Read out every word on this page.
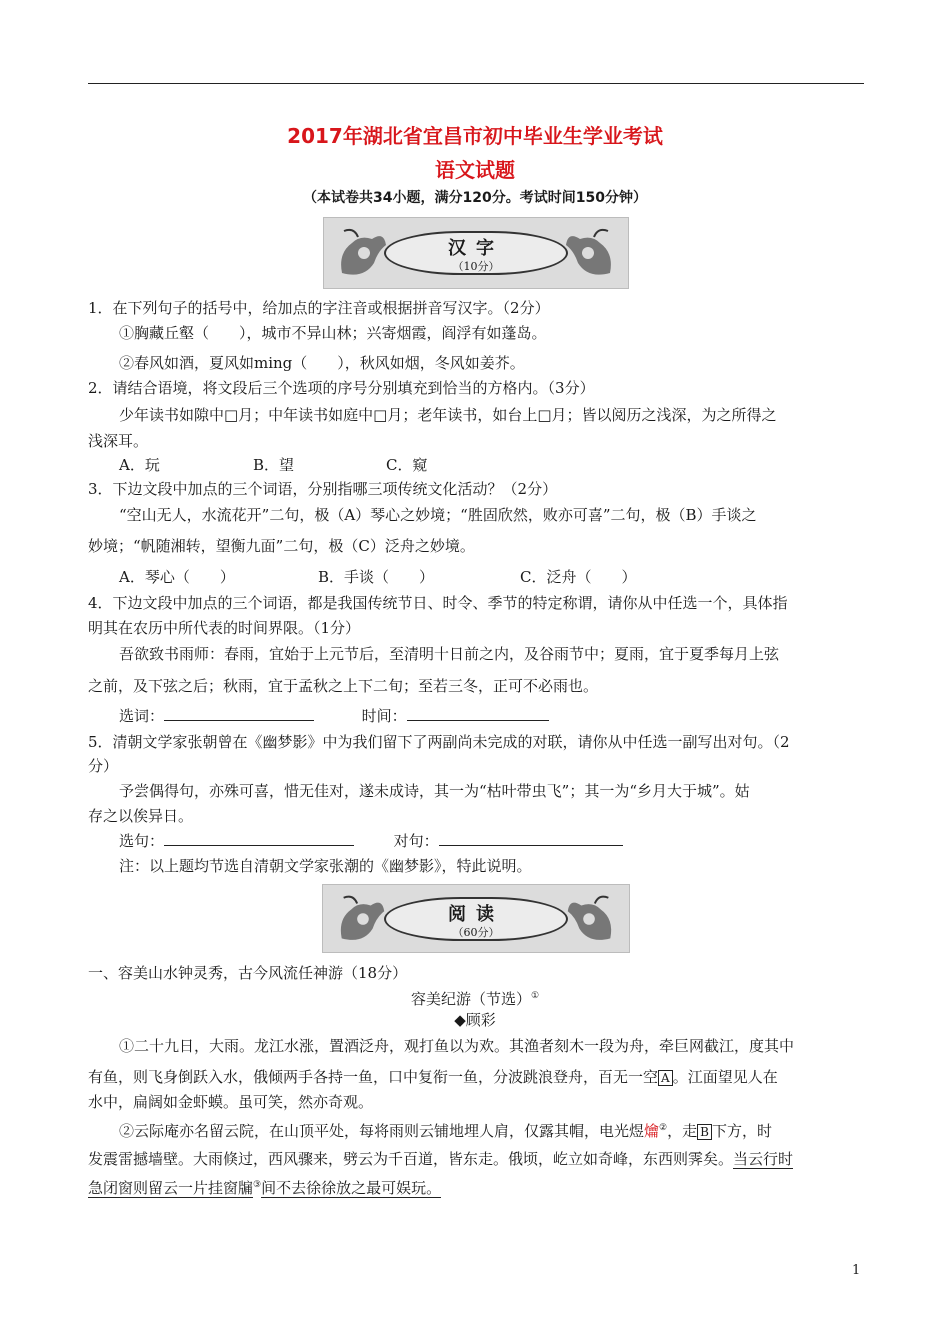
2017年湖北省宜昌市初中毕业生学业考试
语文试题
（本试卷共34小题，满分120分。考试时间150分钟）
汉字
（10分）
1．在下列句子的括号中，给加点的字注音或根据拼音写汉字。（2分）
①胸藏丘壑（　　），城市不异山林；兴寄烟霞，阎浮有如蓬岛。
②春风如酒，夏风如ming（　　），秋风如烟，冬风如姜芥。
2．请结合语境，将文段后三个选项的序号分别填充到恰当的方格内。（3分）
少年读书如隙中□月；中年读书如庭中□月；老年读书，如台上□月；皆以阅历之浅深，为之所得之
浅深耳。
A．玩	B．望	C．窥
3．下边文段中加点的三个词语，分别指哪三项传统文化活动？（2分）
“空山无人，水流花开”二句，极（A）琴心之妙境；“胜固欣然，败亦可喜”二句，极（B）手谈之
妙境；“帆随湘转，望衡九面”二句，极（C）泛舟之妙境。
A．琴心（　　）	B．手谈（　　）	C．泛舟（　　）
4．下边文段中加点的三个词语，都是我国传统节日、时令、季节的特定称谓，请你从中任选一个，具体指
明其在农历中所代表的时间界限。（1分）
吾欲致书雨师：春雨，宜始于上元节后，至清明十日前之内，及谷雨节中；夏雨，宜于夏季每月上弦
之前，及下弦之后；秋雨，宜于孟秋之上下二旬；至若三冬，正可不必雨也。
选词：	时间：
5．清朝文学家张朝曾在《幽梦影》中为我们留下了两副尚未完成的对联，请你从中任选一副写出对句。（2
分）
予尝偶得句，亦殊可喜，惜无佳对，遂未成诗，其一为“枯叶带虫飞”；其一为“乡月大于城”。姑
存之以俟异日。
选句：	对句：
注：以上题均节选自清朝文学家张潮的《幽梦影》，特此说明。
阅读
（60分）
一、容美山水钟灵秀，古今风流任神游（18分）
容美纪游（节选）①
◆顾彩
①二十九日，大雨。龙江水涨，置酒泛舟，观打鱼以为欢。其渔者刻木一段为舟，牵巨网截江，度其中
有鱼，则飞身倒跃入水，俄倾两手各持一鱼，口中复衔一鱼，分波跳浪登舟，百无一空 A 。江面望见人在
水中，扁阔如金虾蟆。虽可笑，然亦奇观。
②云际庵亦名留云院，在山顶平处，每将雨则云铺地埋人肩，仅露其帽，电光煜爚②，走 B 下方，时
发震雷撼墙壁。大雨倏过，西风骤来，劈云为千百道，皆东走。俄顷，屹立如奇峰，东西则霁矣。当云行时
急闭窗则留云一片挂窗牖③间不去徐徐放之最可娱玩。
1
